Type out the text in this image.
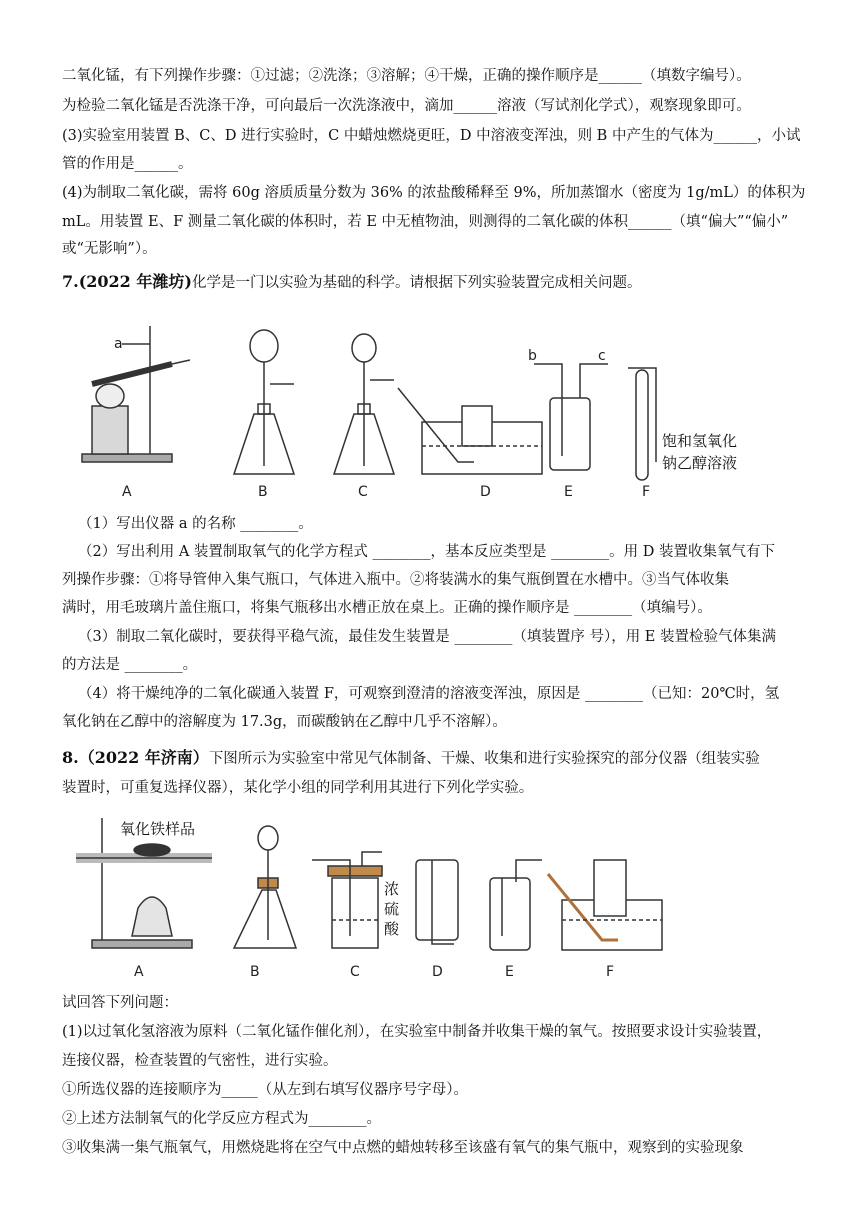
二氧化锰，有下列操作步骤：①过滤；②洗涤；③溶解；④干燥，正确的操作顺序是______（填数字编号）。
为检验二氧化锰是否洗涤干净，可向最后一次洗涤液中，滴加______溶液（写试剂化学式），观察现象即可。
(3)实验室用装置 B、C、D 进行实验时，C 中蜡烛燃烧更旺，D 中溶液变浑浊，则 B 中产生的气体为______，小试
管的作用是______。
(4)为制取二氧化碳，需将 60g 溶质质量分数为 36% 的浓盐酸稀释至 9%，所加蒸馏水（密度为 1g/mL）的体积为
mL。用装置 E、F 测量二氧化碳的体积时，若 E 中无植物油，则测得的二氧化碳的体积______（填“偏大”“偏小”
或“无影响”）。
7.(2022 年潍坊)化学是一门以实验为基础的科学。请根据下列实验装置完成相关问题。
A	B	C	D	E	F
a
b	c
饱和氢氧化
钠乙醇溶液
（1）写出仪器 a 的名称 ________。
（2）写出利用 A 装置制取氧气的化学方程式 ________，基本反应类型是 ________。用 D 装置收集氧气有下
列操作步骤：①将导管伸入集气瓶口，气体进入瓶中。②将装满水的集气瓶倒置在水槽中。③当气体收集
满时，用毛玻璃片盖住瓶口，将集气瓶移出水槽正放在桌上。正确的操作顺序是 ________（填编号）。
（3）制取二氧化碳时，要获得平稳气流，最佳发生装置是 ________（填装置序 号），用 E 装置检验气体集满
的方法是 ________。
（4）将干燥纯净的二氧化碳通入装置 F，可观察到澄清的溶液变浑浊，原因是 ________（已知：20℃时，氢
氧化钠在乙醇中的溶解度为 17.3g，而碳酸钠在乙醇中几乎不溶解）。
8.（2022 年济南）下图所示为实验室中常见气体制备、干燥、收集和进行实验探究的部分仪器（组装实验
装置时，可重复选择仪器），某化学小组的同学利用其进行下列化学实验。
氧化铁样品
A	B	C	D	E	F
浓
硫
酸
试回答下列问题：
(1)以过氧化氢溶液为原料（二氧化锰作催化剂），在实验室中制备并收集干燥的氧气。按照要求设计实验装置，
连接仪器，检查装置的气密性，进行实验。
①所选仪器的连接顺序为_____（从左到右填写仪器序号字母）。
②上述方法制氧气的化学反应方程式为________。
③收集满一集气瓶氧气，用燃烧匙将在空气中点燃的蜡烛转移至该盛有氧气的集气瓶中，观察到的实验现象
